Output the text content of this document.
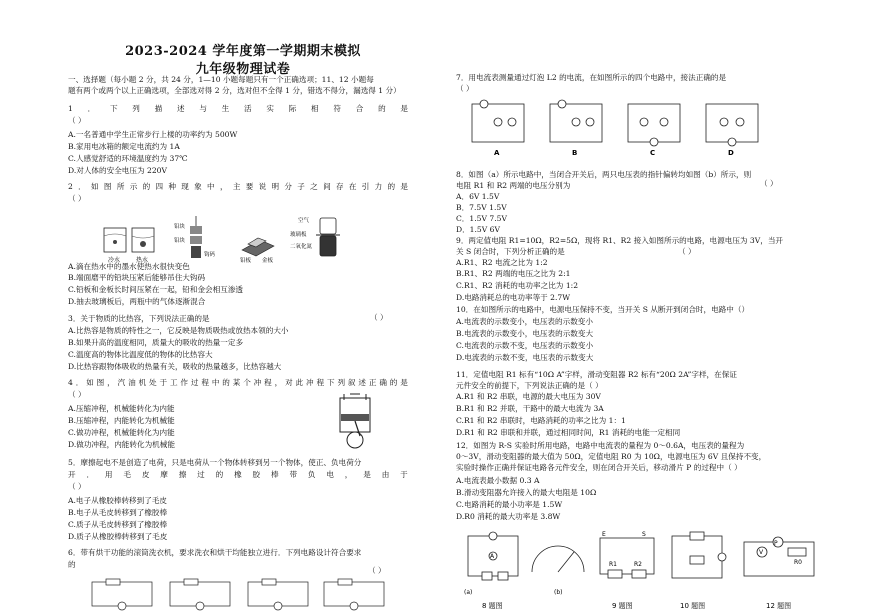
2023-2024 学年度第一学期期末模拟
九年级物理试卷
一、选择题（每小题 2 分，共 24 分，1—10 小题每题只有一个正确选项；11、12 小题每
题有两个或两个以上正确选项，全部选对得 2 分，选对但不全得 1 分，错选不得分，漏选得 1 分）
1 ． 下 列 描 述 与 生 活 实 际 相 符 合 的 是
（ ）
A.一名普通中学生正常步行上楼的功率约为 500W
B.家用电冰箱的额定电流约为 1A
C.人感觉舒适的环境温度约为 37℃
D.对人体的安全电压为 220V
2 ． 如 图 所 示 的 四 种 现 象 中 ， 主 要 说 明 分 子 之 间 存 在 引 力 的 是
（ ）
A.滴在热水中的墨水使热水很快变色
B.端面磨平的铅块压紧后能够吊住大钩码
C.铅板和金板长时间压紧在一起，铅和金会相互渗透
D.抽去玻璃板后，两瓶中的气体逐渐混合
3．关于物质的比热容，下列说法正确的是
A.比热容是物质的特性之一，它反映是物质吸热或放热本领的大小
B.如果升高的温度相同，质量大的吸收的热量一定多
C.温度高的物体比温度低的物体的比热容大
D.比热容跟物体吸收的热量有关，吸收的热量越多，比热容越大
4 ． 如 图 ， 汽 油 机 处 于 工 作 过 程 中 的 某 个 冲 程 ， 对 此 冲 程 下 列 叙 述 正 确 的 是
（ ）
A.压缩冲程，机械能转化为内能
B.压缩冲程，内能转化为机械能
C.做功冲程，机械能转化为内能
D.做功冲程，内能转化为机械能
5．摩擦起电不是创造了电荷，只是电荷从一个物体转移到另一个物体，使正、负电荷分
开 ． 用 毛 皮 摩 擦 过 的 橡 胶 棒 带 负 电 ， 是 由 于
（ ）
A.电子从橡胶棒转移到了毛皮
B.电子从毛皮转移到了橡胶棒
C.质子从毛皮转移到了橡胶棒
D.质子从橡胶棒转移到了毛皮
6．带有烘干功能的滚筒洗衣机，要求洗衣和烘干均能独立进行．下列电路设计符合要求
的
冷水	热水
铅块
铅块
钩码
铅板 金板
空气
玻璃板
二氧化氮
7．用电流表测量通过灯泡 L2 的电流，在如图所示的四个电路中，接法正确的是
（ ）
8．如图（a）所示电路中，当闭合开关后，两只电压表的指针偏转均如图（b）所示，则
电阻 R1 和 R2 两端的电压分别为
A．6V 1.5V
B．7.5V 1.5V
C．1.5V 7.5V
D．1.5V 6V
9．两定值电阻 R1=10Ω，R2=5Ω，现将 R1、R2 接入如图所示的电路，电源电压为 3V，当开
关 S 闭合时，下列分析正确的是
A.R1、R2 电流之比为 1:2
B.R1、R2 两端的电压之比为 2:1
C.R1、R2 消耗的电功率之比为 1:2
D.电路消耗总的电功率等于 2.7W
10．在如图所示的电路中，电源电压保持不变，当开关 S 从断开到闭合时，电路中（）
A.电流表的示数变小，电压表的示数变小
B.电流表的示数变小，电压表的示数变大
C.电流表的示数不变，电压表的示数变小
D.电流表的示数不变，电压表的示数变大
11．定值电阻 R1 标有“10Ω A”字样，滑动变阻器 R2 标有“20Ω 2A”字样，在保证
元件安全的前提下，下列说法正确的是（ ）
A.R1 和 R2 串联，电源的最大电压为 30V
B.R1 和 R2 并联，干路中的最大电流为 3A
C.R1 和 R2 串联时，电路消耗的功率之比为 1：1
D.R1 和 R2 串联和并联，通过相同时间，R1 消耗的电能一定相同
12．如图为 R-S 实验时所用电路，电路中电流表的量程为 0～0.6A，电压表的量程为
0～3V，滑动变阻器的最大值为 50Ω，定值电阻 R0 为 10Ω，电源电压为 6V 且保持不变，
实验时操作正确并保证电路各元件安全，则在闭合开关后，移动滑片 P 的过程中（ ）
A.电流表最小数据 0.3 A
B.滑动变阻器允许接入的最大电阻是 10Ω
C.电路消耗的最小功率是 1.5W
D.R0 消耗的最大功率是 3.8W
A	B	C	D
(a)	(b)
8 题图	9 题图	10 题图	12 题图
R1	R2
S
E
P
R0
V
A
（ ）
（ ）
（ ）
（ ）
